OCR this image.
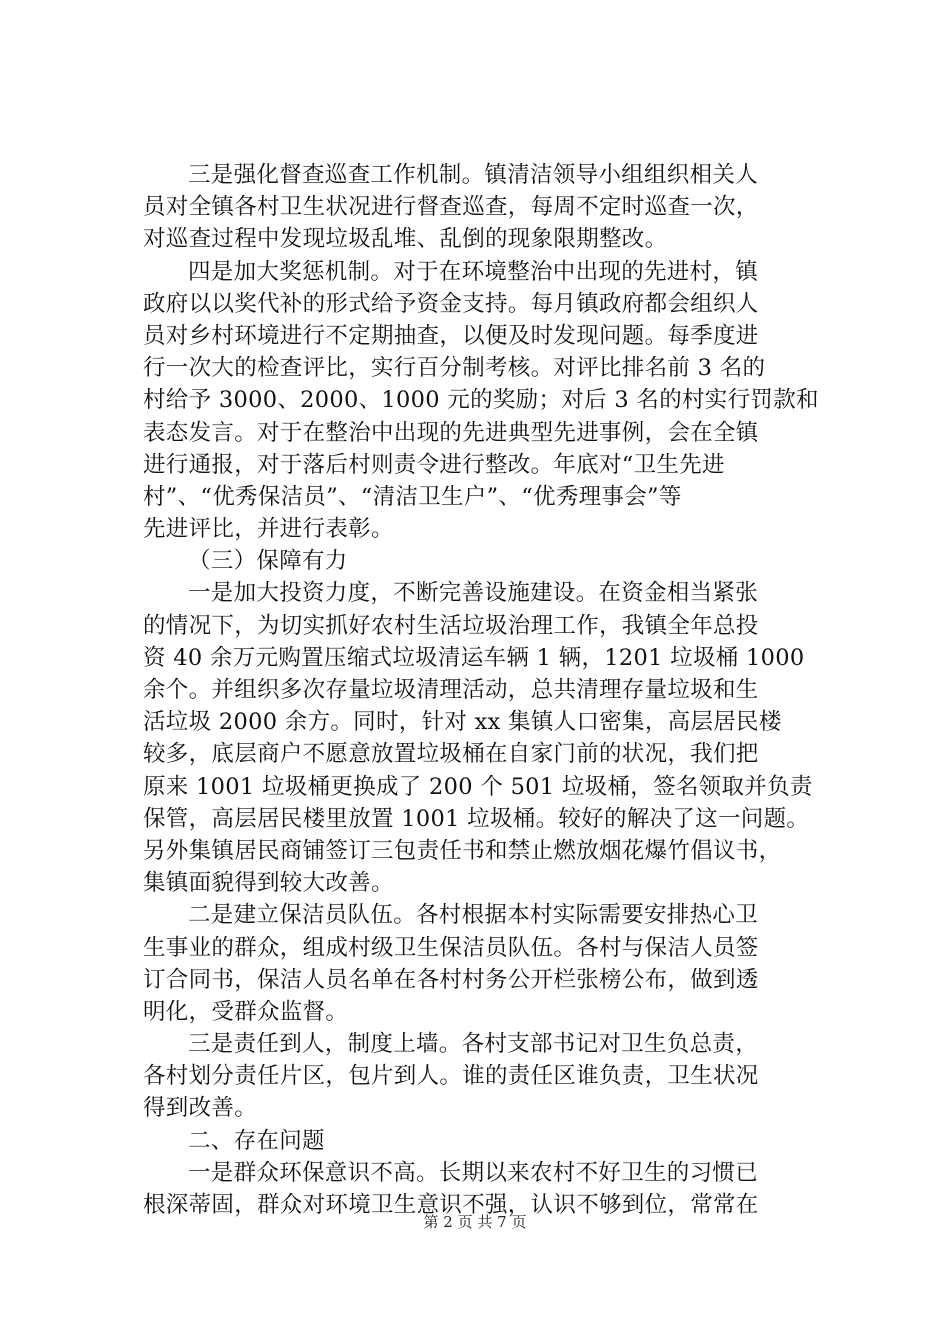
三是强化督查巡查工作机制。镇清洁领导小组组织相关人
员对全镇各村卫生状况进行督查巡查，每周不定时巡查一次，
对巡查过程中发现垃圾乱堆、乱倒的现象限期整改。
四是加大奖惩机制。对于在环境整治中出现的先进村，镇
政府以以奖代补的形式给予资金支持。每月镇政府都会组织人
员对乡村环境进行不定期抽查，以便及时发现问题。每季度进
行一次大的检查评比，实行百分制考核。对评比排名前 3 名的
村给予 3000、2000、1000 元的奖励；对后 3 名的村实行罚款和
表态发言。对于在整治中出现的先进典型先进事例，会在全镇
进行通报，对于落后村则责令进行整改。年底对“卫生先进
村”、“优秀保洁员”、“清洁卫生户”、“优秀理事会”等
先进评比，并进行表彰。
（三）保障有力
一是加大投资力度，不断完善设施建设。在资金相当紧张
的情况下，为切实抓好农村生活垃圾治理工作，我镇全年总投
资 40 余万元购置压缩式垃圾清运车辆 1 辆，1201 垃圾桶 1000
余个。并组织多次存量垃圾清理活动，总共清理存量垃圾和生
活垃圾 2000 余方。同时，针对 xx 集镇人口密集，高层居民楼
较多，底层商户不愿意放置垃圾桶在自家门前的状况，我们把
原来 1001 垃圾桶更换成了 200 个 501 垃圾桶，签名领取并负责
保管，高层居民楼里放置 1001 垃圾桶。较好的解决了这一问题。
另外集镇居民商铺签订三包责任书和禁止燃放烟花爆竹倡议书，
集镇面貌得到较大改善。
二是建立保洁员队伍。各村根据本村实际需要安排热心卫
生事业的群众，组成村级卫生保洁员队伍。各村与保洁人员签
订合同书，保洁人员名单在各村村务公开栏张榜公布，做到透
明化，受群众监督。
三是责任到人，制度上墙。各村支部书记对卫生负总责，
各村划分责任片区，包片到人。谁的责任区谁负责，卫生状况
得到改善。
二、存在问题
一是群众环保意识不高。长期以来农村不好卫生的习惯已
根深蒂固，群众对环境卫生意识不强，认识不够到位，常常在
第 2 页 共 7 页
